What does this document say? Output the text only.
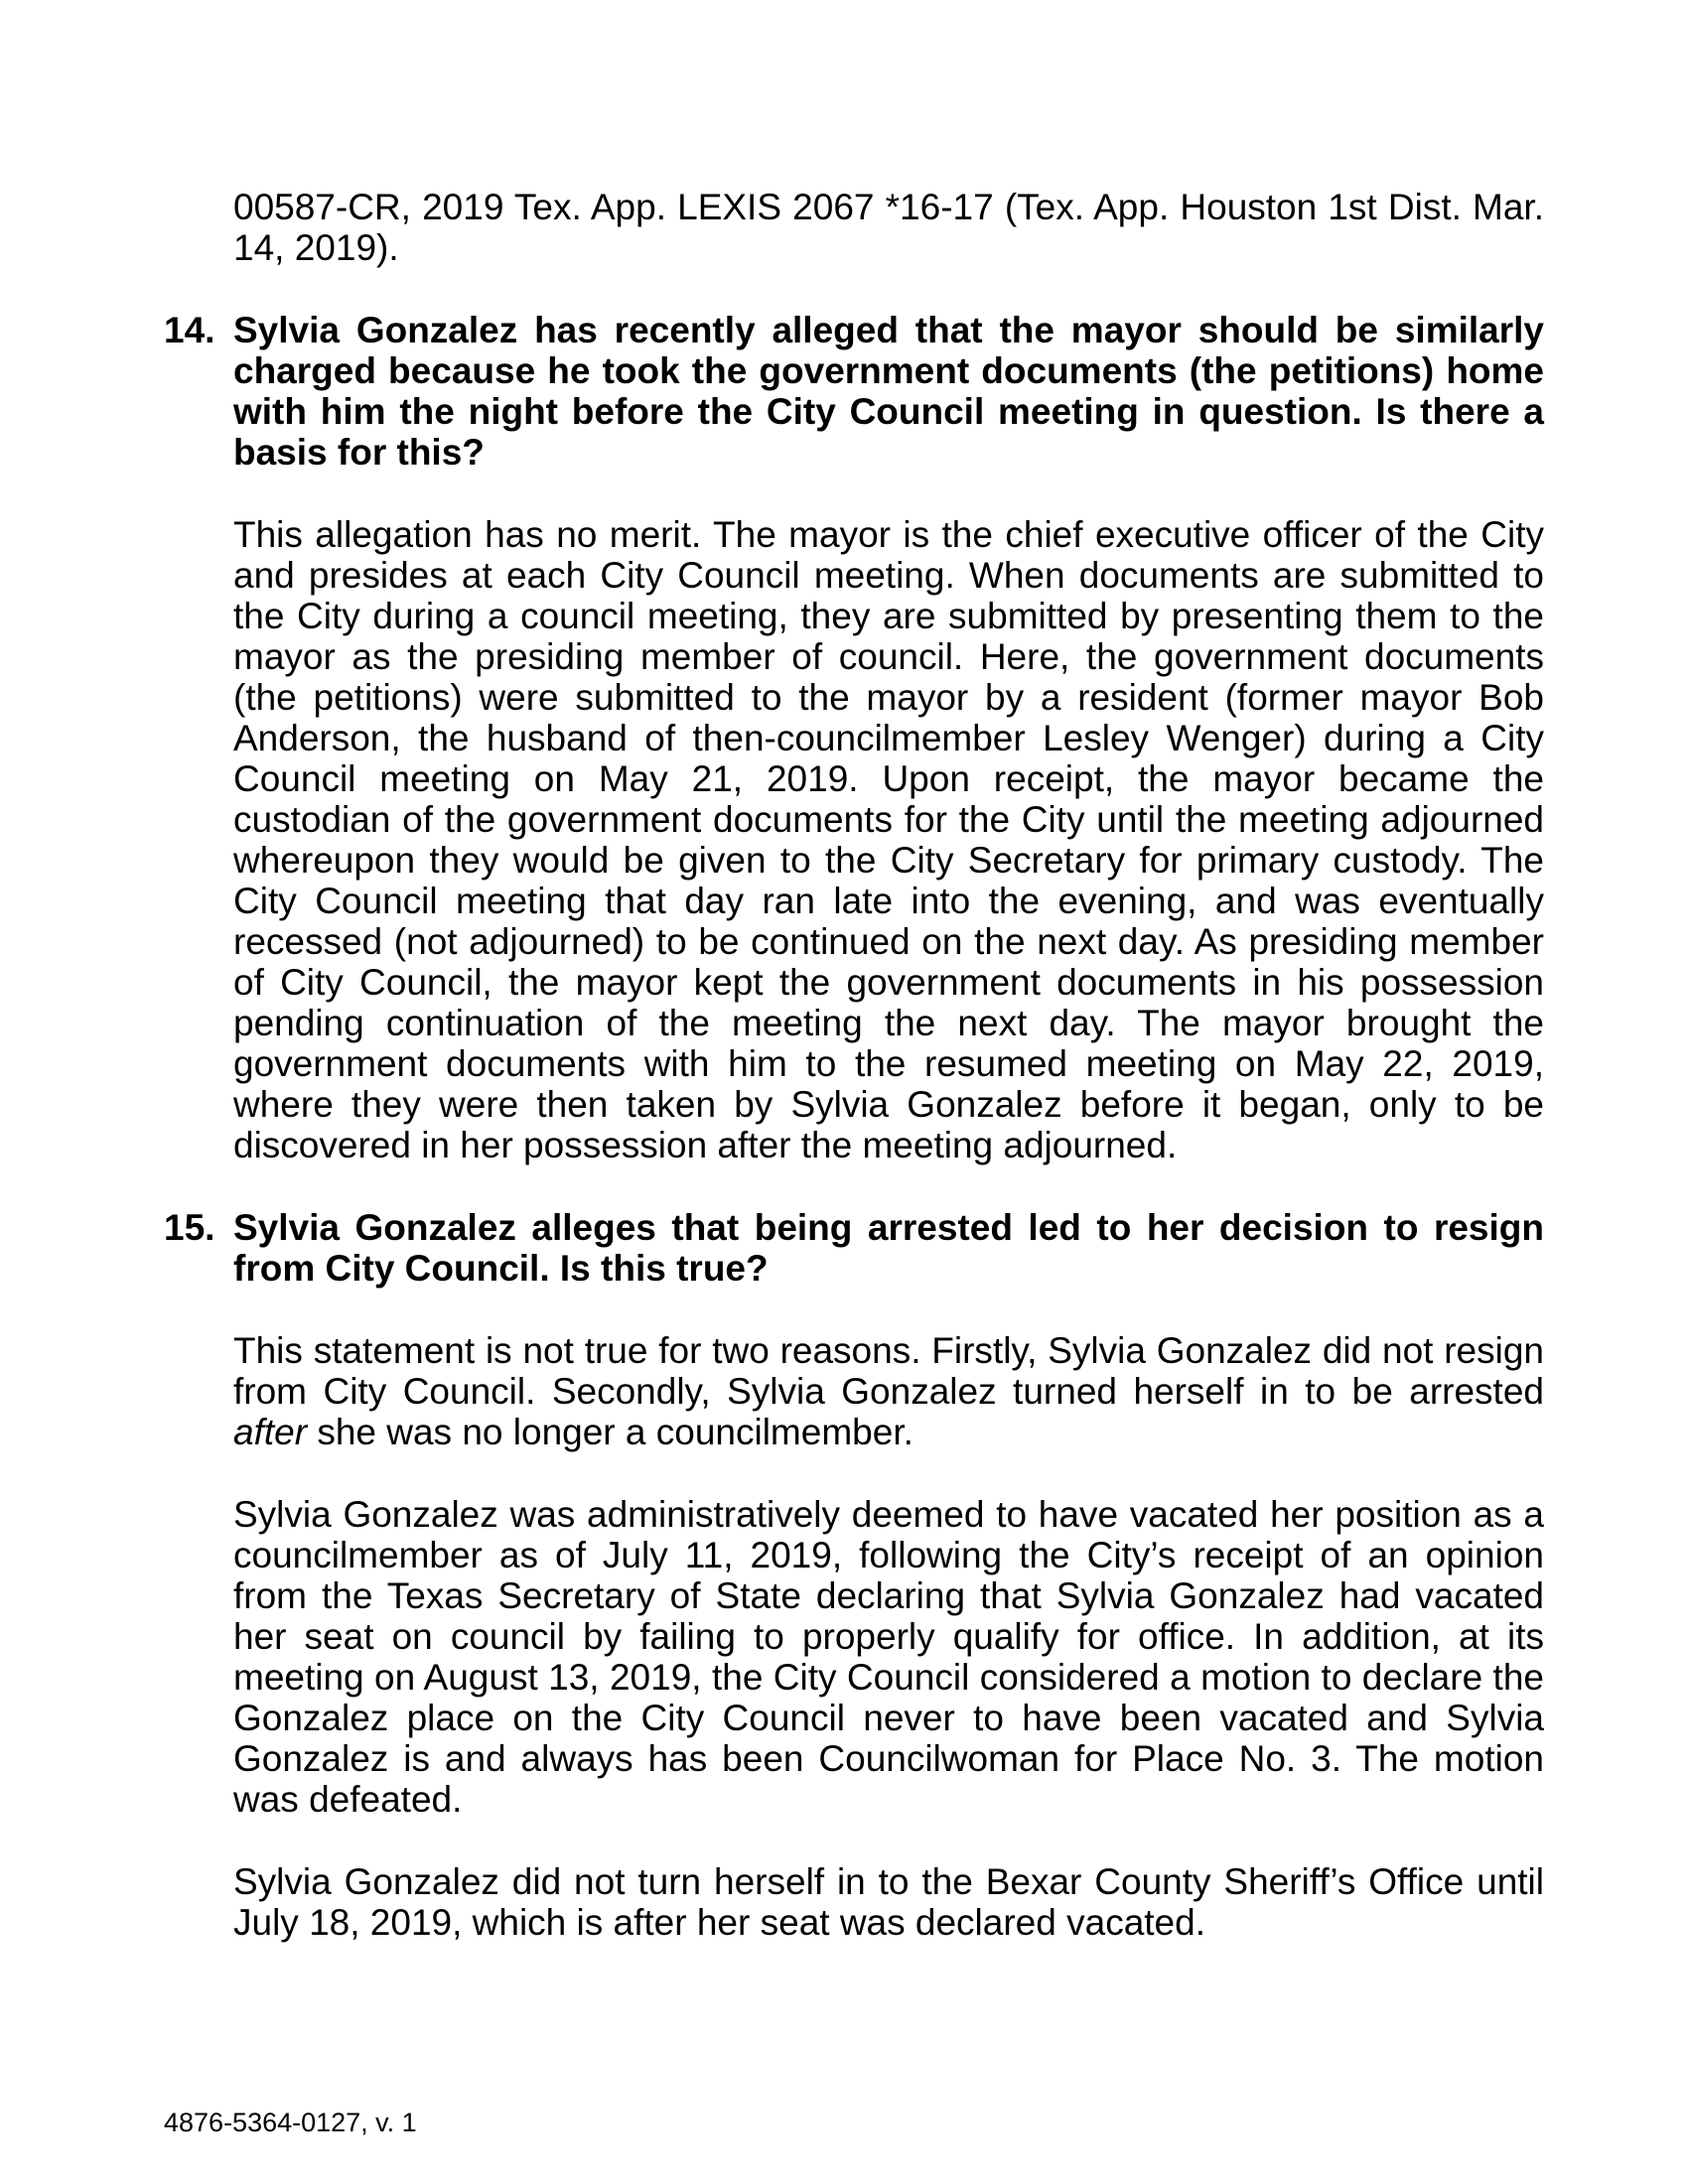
00587-CR, 2019 Tex. App. LEXIS 2067 *16-17 (Tex. App. Houston 1st Dist. Mar. 14, 2019).

14. Sylvia Gonzalez has recently alleged that the mayor should be similarly charged because he took the government documents (the petitions) home with him the night before the City Council meeting in question. Is there a basis for this?

This allegation has no merit. The mayor is the chief executive officer of the City and presides at each City Council meeting. When documents are submitted to the City during a council meeting, they are submitted by presenting them to the mayor as the presiding member of council. Here, the government documents (the petitions) were submitted to the mayor by a resident (former mayor Bob Anderson, the husband of then-councilmember Lesley Wenger) during a City Council meeting on May 21, 2019. Upon receipt, the mayor became the custodian of the government documents for the City until the meeting adjourned whereupon they would be given to the City Secretary for primary custody. The City Council meeting that day ran late into the evening, and was eventually recessed (not adjourned) to be continued on the next day. As presiding member of City Council, the mayor kept the government documents in his possession pending continuation of the meeting the next day. The mayor brought the government documents with him to the resumed meeting on May 22, 2019, where they were then taken by Sylvia Gonzalez before it began, only to be discovered in her possession after the meeting adjourned.

15. Sylvia Gonzalez alleges that being arrested led to her decision to resign from City Council. Is this true?

This statement is not true for two reasons. Firstly, Sylvia Gonzalez did not resign from City Council. Secondly, Sylvia Gonzalez turned herself in to be arrested after she was no longer a councilmember.

Sylvia Gonzalez was administratively deemed to have vacated her position as a councilmember as of July 11, 2019, following the City’s receipt of an opinion from the Texas Secretary of State declaring that Sylvia Gonzalez had vacated her seat on council by failing to properly qualify for office. In addition, at its meeting on August 13, 2019, the City Council considered a motion to declare the Gonzalez place on the City Council never to have been vacated and Sylvia Gonzalez is and always has been Councilwoman for Place No. 3. The motion was defeated.

Sylvia Gonzalez did not turn herself in to the Bexar County Sheriff’s Office until July 18, 2019, which is after her seat was declared vacated.

4876-5364-0127, v. 1
